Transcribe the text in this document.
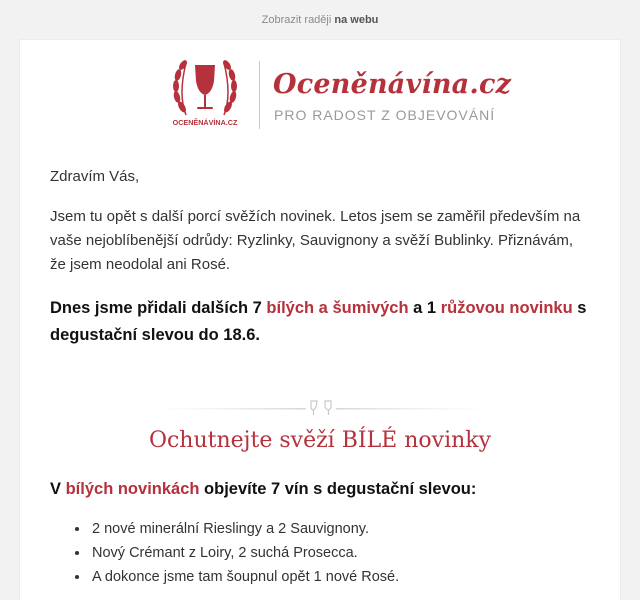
Zobrazit raději na webu
OCENĚNÁVÍNA.CZ
Oceněnávína.cz
PRO RADOST Z OBJEVOVÁNÍ
Zdravím Vás,
Jsem tu opět s další porcí svěžích novinek. Letos jsem se zaměřil především na vaše nejoblíbenější odrůdy: Ryzlinky, Sauvignony a svěží Bublinky. Přiznávám, že jsem neodolal ani Rosé.
Dnes jsme přidali dalších 7 bílých a šumivých a 1 růžovou novinku s degustační slevou do 18.6.
Ochutnejte svěží BÍLÉ novinky
V bílých novinkách objevíte 7 vín s degustační slevou:
• 2 nové minerální Rieslingy a 2 Sauvignony.
• Nový Crémant z Loiry, 2 suchá Prosecca.
• A dokonce jsme tam šoupnul opět 1 nové Rosé.
